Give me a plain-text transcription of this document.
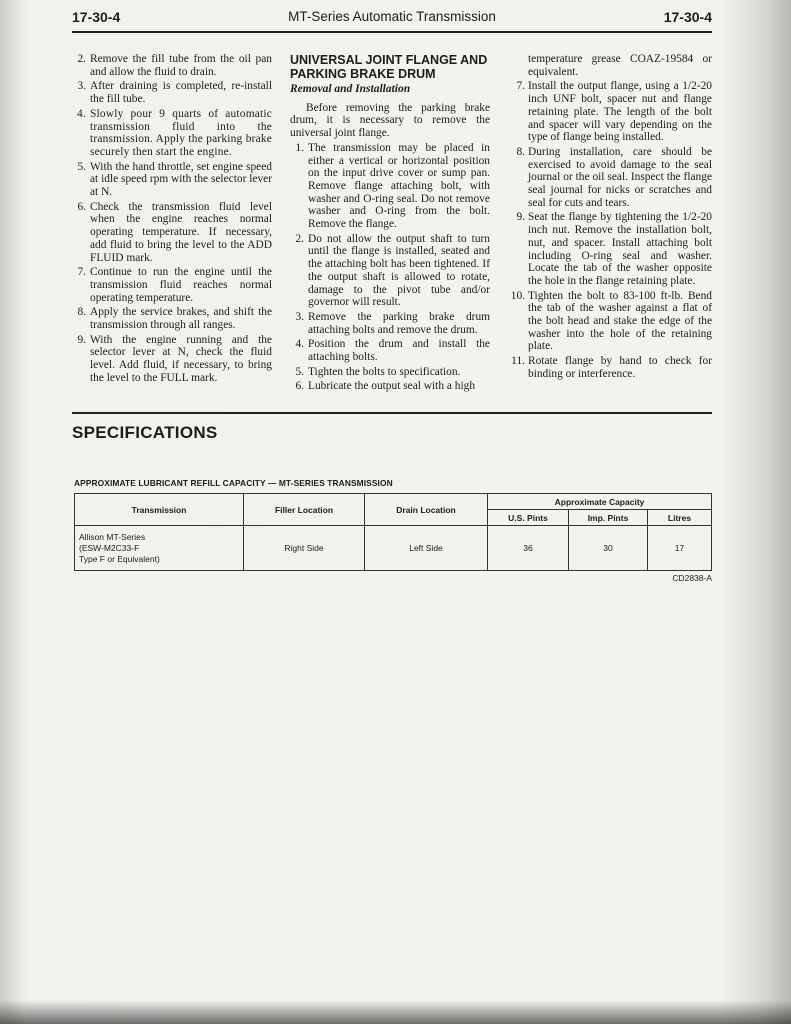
17-30-4	MT-Series Automatic Transmission	17-30-4
2. Remove the fill tube from the oil pan and allow the fluid to drain.
3. After draining is completed, re-install the fill tube.
4. Slowly pour 9 quarts of automatic transmission fluid into the transmission. Apply the parking brake securely then start the engine.
5. With the hand throttle, set engine speed at idle speed rpm with the selector lever at N.
6. Check the transmission fluid level when the engine reaches normal operating temperature. If necessary, add fluid to bring the level to the ADD FLUID mark.
7. Continue to run the engine until the transmission fluid reaches normal operating temperature.
8. Apply the service brakes, and shift the transmission through all ranges.
9. With the engine running and the selector lever at N, check the fluid level. Add fluid, if necessary, to bring the level to the FULL mark.
UNIVERSAL JOINT FLANGE AND PARKING BRAKE DRUM
Removal and Installation

Before removing the parking brake drum, it is necessary to remove the universal joint flange.

1. The transmission may be placed in either a vertical or horizontal position on the input drive cover or sump pan. Remove flange attaching bolt, with washer and O-ring seal. Do not remove washer and O-ring from the bolt. Remove the flange.
2. Do not allow the output shaft to turn until the flange is installed, seated and the attaching bolt has been tightened. If the output shaft is allowed to rotate, damage to the pivot tube and/or governor will result.
3. Remove the parking brake drum attaching bolts and remove the drum.
4. Position the drum and install the attaching bolts.
5. Tighten the bolts to specification.
6. Lubricate the output seal with a high
temperature grease COAZ-19584 or equivalent.
7. Install the output flange, using a 1/2-20 inch UNF bolt, spacer nut and flange retaining plate. The length of the bolt and spacer will vary depending on the type of flange being installed.
8. During installation, care should be exercised to avoid damage to the seal journal or the oil seal. Inspect the flange seal journal for nicks or scratches and seal for cuts and tears.
9. Seat the flange by tightening the 1/2-20 inch nut. Remove the installation bolt, nut, and spacer. Install attaching bolt including O-ring seal and washer. Locate the tab of the washer opposite the hole in the flange retaining plate.
10. Tighten the bolt to 83-100 ft-lb. Bend the tab of the washer against a flat of the bolt head and stake the edge of the washer into the hole of the retaining plate.
11. Rotate flange by hand to check for binding or interference.
SPECIFICATIONS
APPROXIMATE LUBRICANT REFILL CAPACITY — MT-SERIES TRANSMISSION
Transmission	Filler Location	Drain Location	Approximate Capacity		
			U.S. Pints	Imp. Pints	Litres

Allison MT-Series
(ESW-M2C33-F
Type F or Equivalent)	Right Side	Left Side	36	30	17
CD2838-A
